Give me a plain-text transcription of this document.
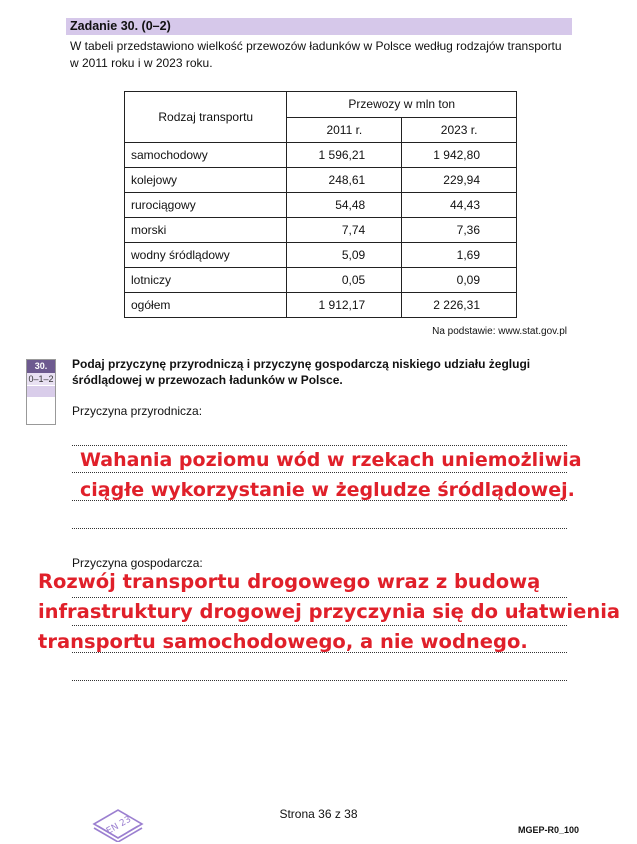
Zadanie 30. (0–2)
W tabeli przedstawiono wielkość przewozów ładunków w Polsce według rodzajów transportu
w 2011 roku i w 2023 roku.
Rodzaj transportu	Przewozy w mln ton	
	2011 r.	2023 r.
samochodowy	1 596,21	1 942,80
kolejowy	248,61	229,94
rurociągowy	54,48	44,43
morski	7,74	7,36
wodny śródlądowy	5,09	1,69
lotniczy	0,05	0,09
ogółem	1 912,17	2 226,31
Na podstawie: www.stat.gov.pl
30.
0–1–2
Podaj przyczynę przyrodniczą i przyczynę gospodarczą niskiego udziału żeglugi
śródlądowej w przewozach ładunków w Polsce.
Przyczyna przyrodnicza:
Wahania poziomu wód w rzekach uniemożliwia
ciągłe wykorzystanie w żegludze śródlądowej.
Przyczyna gospodarcza:
Rozwój transportu drogowego wraz z budową
infrastruktury drogowej przyczynia się do ułatwienia
transportu samochodowego, a nie wodnego.
EN 23
Strona 36 z 38
MGEP-R0_100
